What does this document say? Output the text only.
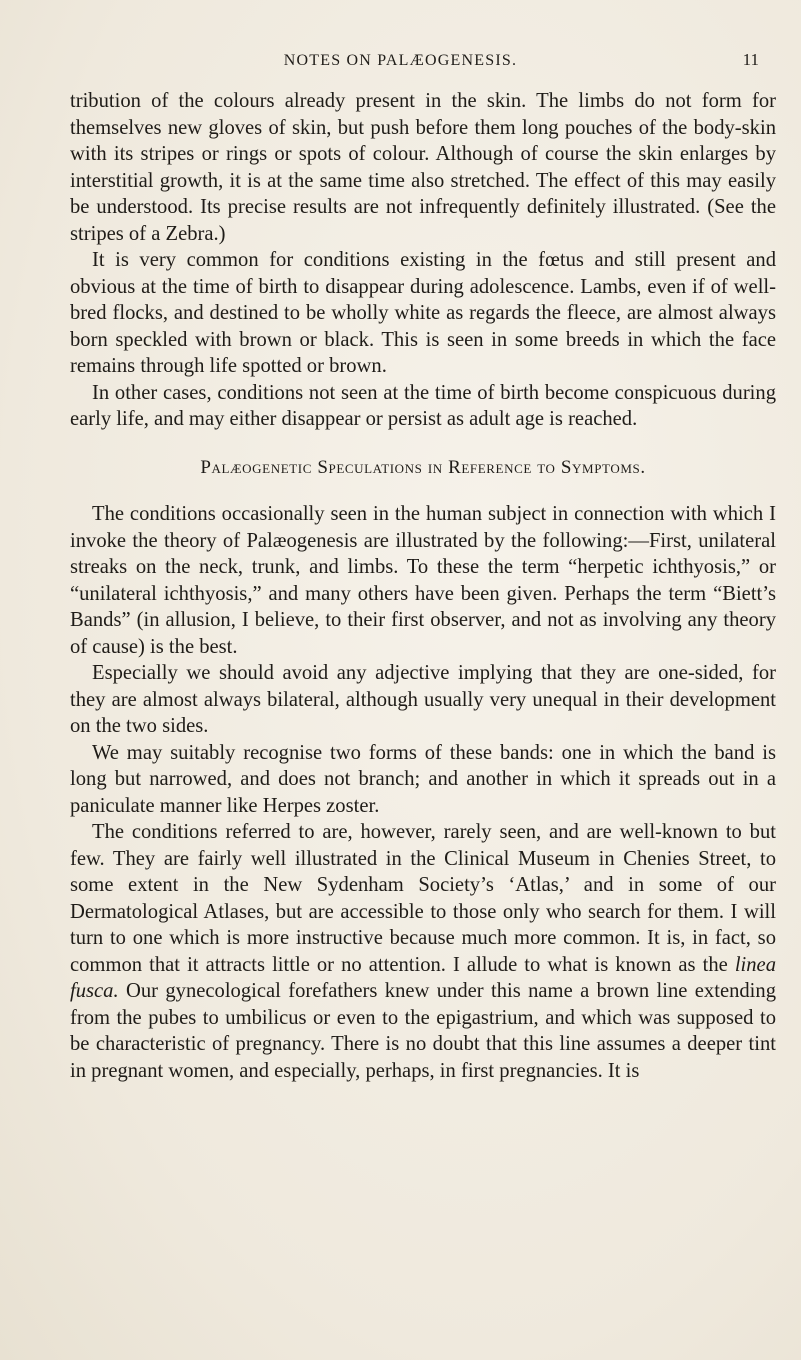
NOTES ON PALÆOGENESIS.	11

tribution of the colours already present in the skin. The limbs do not form for themselves new gloves of skin, but push before them long pouches of the body-skin with its stripes or rings or spots of colour. Although of course the skin enlarges by interstitial growth, it is at the same time also stretched. The effect of this may easily be understood. Its precise results are not infrequently definitely illustrated. (See the stripes of a Zebra.)

It is very common for conditions existing in the fœtus and still present and obvious at the time of birth to disappear during adolescence. Lambs, even if of well-bred flocks, and destined to be wholly white as regards the fleece, are almost always born speckled with brown or black. This is seen in some breeds in which the face remains through life spotted or brown.

In other cases, conditions not seen at the time of birth become conspicuous during early life, and may either disappear or persist as adult age is reached.

Palæogenetic Speculations in Reference to Symptoms.

The conditions occasionally seen in the human subject in connection with which I invoke the theory of Palæogenesis are illustrated by the following:—First, unilateral streaks on the neck, trunk, and limbs. To these the term “herpetic ichthyosis,” or “unilateral ichthyosis,” and many others have been given. Perhaps the term “Biett’s Bands” (in allusion, I believe, to their first observer, and not as involving any theory of cause) is the best.

Especially we should avoid any adjective implying that they are one-sided, for they are almost always bilateral, although usually very unequal in their development on the two sides.

We may suitably recognise two forms of these bands: one in which the band is long but narrowed, and does not branch; and another in which it spreads out in a paniculate manner like Herpes zoster.

The conditions referred to are, however, rarely seen, and are well-known to but few. They are fairly well illustrated in the Clinical Museum in Chenies Street, to some extent in the New Sydenham Society’s ‘Atlas,’ and in some of our Dermatological Atlases, but are accessible to those only who search for them. I will turn to one which is more instructive because much more common. It is, in fact, so common that it attracts little or no attention. I allude to what is known as the linea fusca. Our gynecological forefathers knew under this name a brown line extending from the pubes to umbilicus or even to the epigastrium, and which was supposed to be characteristic of pregnancy. There is no doubt that this line assumes a deeper tint in pregnant women, and especially, perhaps, in first pregnancies. It is
